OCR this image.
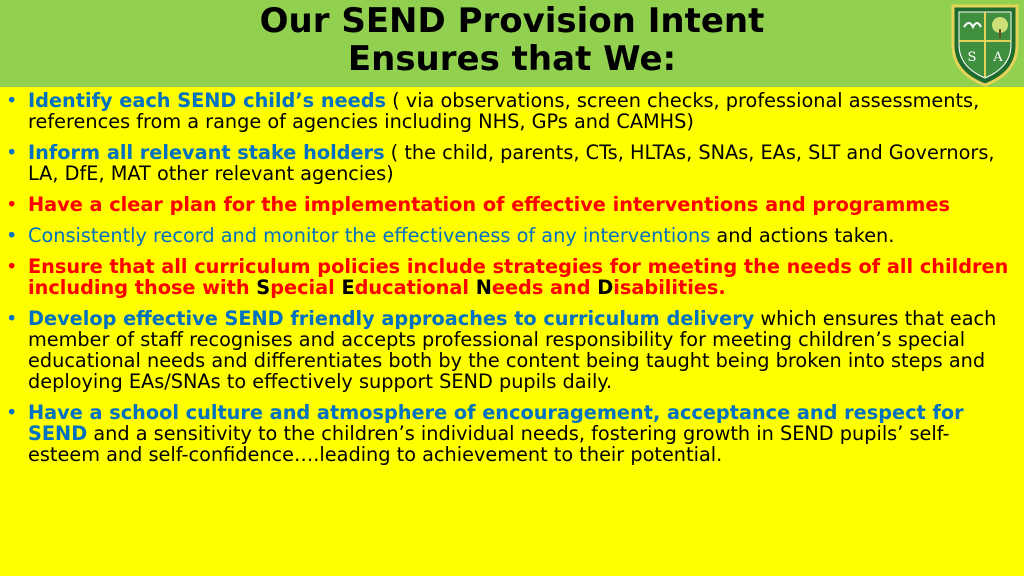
Our SEND Provision Intent
Ensures that We:	S A
• Identify each SEND child’s needs ( via observations, screen checks, professional assessments, references from a range of agencies including NHS, GPs and CAMHS)
• Inform all relevant stake holders ( the child, parents, CTs, HLTAs, SNAs, EAs, SLT and Governors, LA, DfE, MAT other relevant agencies)
• Have a clear plan for the implementation of effective interventions and programmes
• Consistently record and monitor the effectiveness of any interventions and actions taken.
• Ensure that all curriculum policies include strategies for meeting the needs of all children including those with Special Educational Needs and Disabilities.
• Develop effective SEND friendly approaches to curriculum delivery which ensures that each member of staff recognises and accepts professional responsibility for meeting children’s special educational needs and differentiates both by the content being taught being broken into steps and deploying EAs/SNAs to effectively support SEND pupils daily.
• Have a school culture and atmosphere of encouragement, acceptance and respect for SEND and a sensitivity to the children’s individual needs, fostering growth in SEND pupils’ self-esteem and self-confidence….leading to achievement to their potential.
